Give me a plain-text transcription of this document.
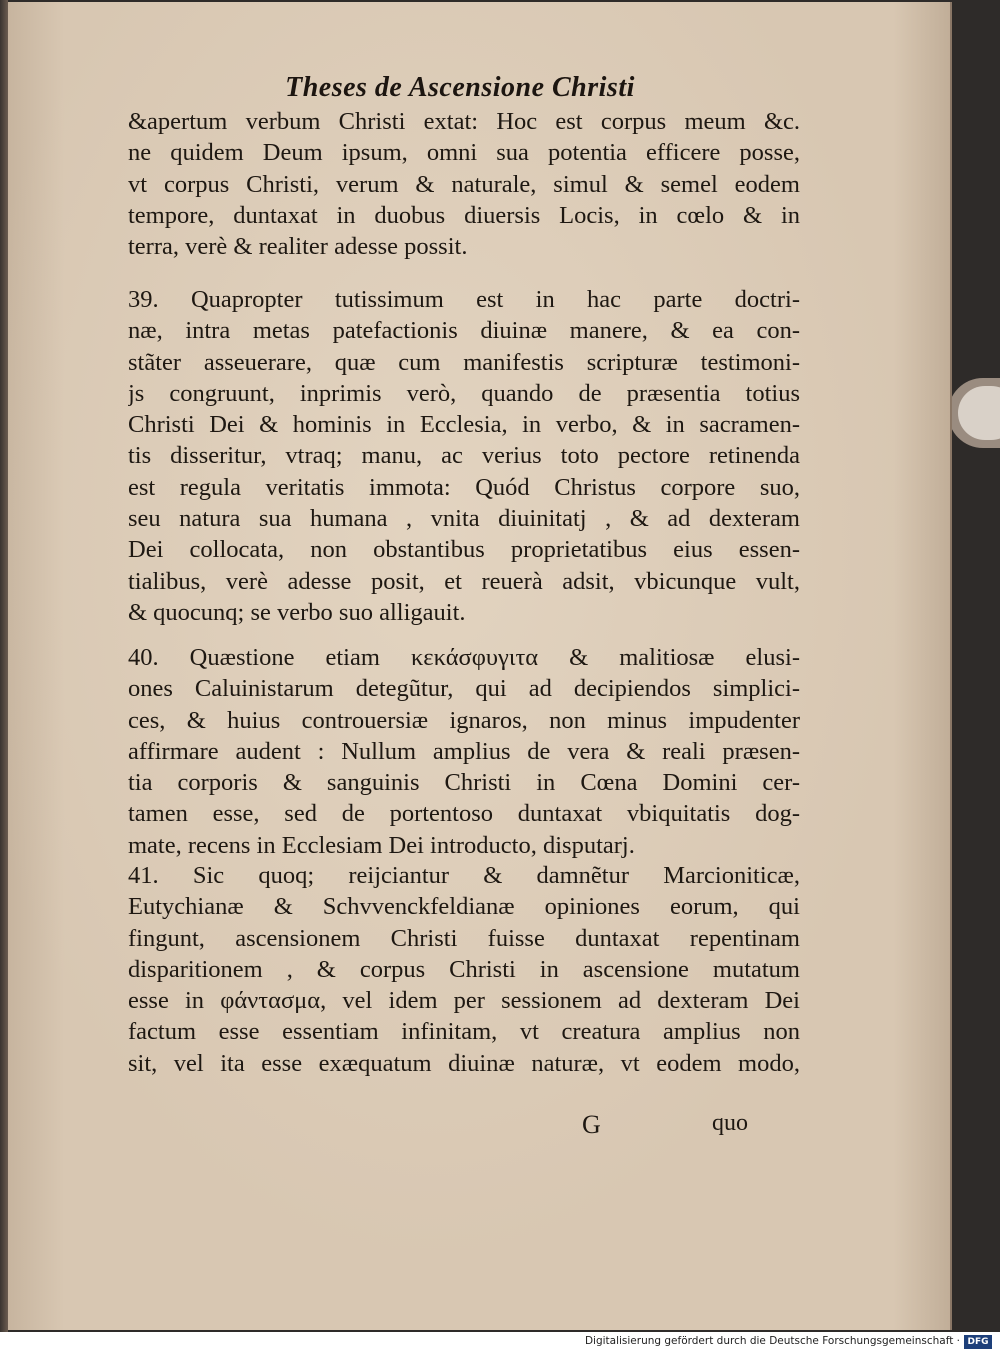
Theses de Ascensione Christi
&apertum verbum Christi extat: Hoc est corpus meum &c.
ne quidem Deum ipsum, omni sua potentia efficere posse,
vt corpus Christi, verum & naturale, simul & semel eodem
tempore, duntaxat in duobus diuersis Locis, in cœlo & in
terra, verè & realiter adesse possit.
39. Quapropter tutissimum est in hac parte doctri-
næ, intra metas patefactionis diuinæ manere, & ea con-
stãter asseuerare, quæ cum manifestis scripturæ testimoni-
js congruunt, inprimis verò, quando de præsentia totius
Christi Dei & hominis in Ecclesia, in verbo, & in sacramen-
tis disseritur, vtraq; manu, ac verius toto pectore retinenda
est regula veritatis immota: Quód Christus corpore suo,
seu natura sua humana , vnita diuinitatj , & ad dexteram
Dei collocata, non obstantibus proprietatibus eius essen-
tialibus, verè adesse posit, et reuerà adsit, vbicunque vult,
& quocunq; se verbo suo alligauit.
40. Quæstione etiam κεκάσφυγιτα & malitiosæ elusi-
ones Caluinistarum detegũtur, qui ad decipiendos simplici-
ces, & huius controuersiæ ignaros, non minus impudenter
affirmare audent : Nullum amplius de vera & reali præsen-
tia corporis & sanguinis Christi in Cœna Domini cer-
tamen esse, sed de portentoso duntaxat vbiquitatis dog-
mate, recens in Ecclesiam Dei introducto, disputarj.
41. Sic quoq; reijciantur & damnẽtur Marcioniticæ,
Eutychianæ & Schvvenckfeldianæ opiniones eorum, qui
fingunt, ascensionem Christi fuisse duntaxat repentinam
disparitionem , & corpus Christi in ascensione mutatum
esse in φάντασμα, vel idem per sessionem ad dexteram Dei
factum esse essentiam infinitam, vt creatura amplius non
sit, vel ita esse exæquatum diuinæ naturæ, vt eodem modo,
G	quo
Digitalisierung gefördert durch die Deutsche Forschungsgemeinschaft · DFG
